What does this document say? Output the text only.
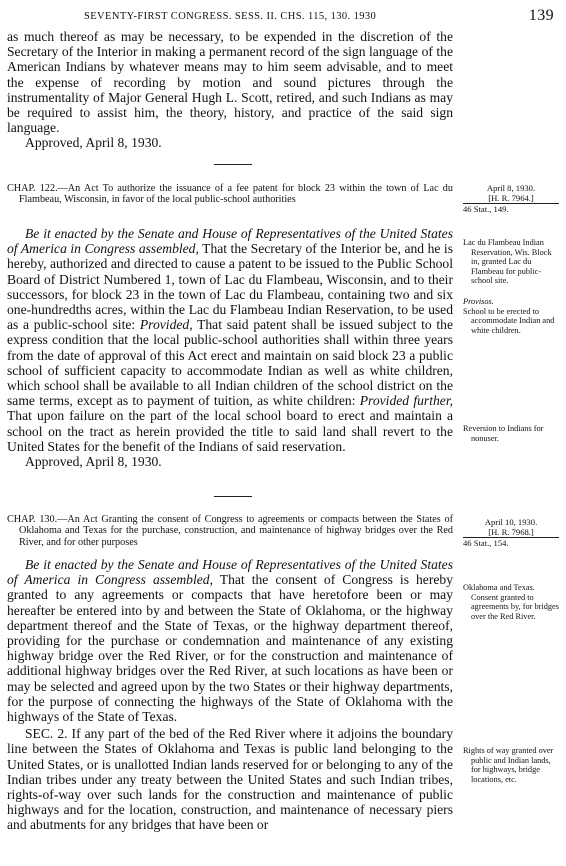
SEVENTY-FIRST CONGRESS. SESS. II. CHS. 115, 130. 1930	139

as much thereof as may be necessary, to be expended in the discretion of the Secretary of the Interior in making a permanent record of the sign language of the American Indians by whatever means may to him seem advisable, and to meet the expense of recording by motion and sound pictures through the instrumentality of Major General Hugh L. Scott, retired, and such Indians as may be required to assist him, the theory, history, and practice of the said sign language.

Approved, April 8, 1930.

CHAP. 122.—An Act To authorize the issuance of a fee patent for block 23 within the town of Lac du Flambeau, Wisconsin, in favor of the local public-school authorities

April 8, 1930.
[H. R. 7964.]
46 Stat., 149.

Be it enacted by the Senate and House of Representatives of the United States of America in Congress assembled, That the Secretary of the Interior be, and he is hereby, authorized and directed to cause a patent to be issued to the Public School Board of District Numbered 1, town of Lac du Flambeau, Wisconsin, and to their successors, for block 23 in the town of Lac du Flambeau, containing two and six one-hundredths acres, within the Lac du Flambeau Indian Reservation, to be used as a public-school site: Provided, That said patent shall be issued subject to the express condition that the local public-school authorities shall within three years from the date of approval of this Act erect and maintain on said block 23 a public school of sufficient capacity to accommodate Indian as well as white children, which school shall be available to all Indian children of the school district on the same terms, except as to payment of tuition, as white children: Provided further, That upon failure on the part of the local school board to erect and maintain a school on the tract as herein provided the title to said land shall revert to the United States for the benefit of the Indians of said reservation.

Approved, April 8, 1930.

Lac du Flambeau Indian Reservation, Wis. Block in, granted Lac du Flambeau for public-school site.

Provisos.

School to be erected to accommodate Indian and white children.

Reversion to Indians for nonuser.

CHAP. 130.—An Act Granting the consent of Congress to agreements or compacts between the States of Oklahoma and Texas for the purchase, construction, and maintenance of highway bridges over the Red River, and for other purposes

April 10, 1930.
[H. R. 7968.]
46 Stat., 154.

Be it enacted by the Senate and House of Representatives of the United States of America in Congress assembled, That the consent of Congress is hereby granted to any agreements or compacts that have heretofore been or may hereafter be entered into by and between the State of Oklahoma, or the highway department thereof and the State of Texas, or the highway department thereof, providing for the purchase or condemnation and maintenance of any existing highway bridge over the Red River, or for the construction and maintenance of additional highway bridges over the Red River, at such locations as have been or may be selected and agreed upon by the two States or their highway departments, for the purpose of connecting the highways of the State of Oklahoma with the highways of the State of Texas.

SEC. 2. If any part of the bed of the Red River where it adjoins the boundary line between the States of Oklahoma and Texas is public land belonging to the United States, or is unallotted Indian lands reserved for or belonging to any of the Indian tribes under any treaty between the United States and such Indian tribes, rights-of-way over such lands for the construction and maintenance of public highways and for the location, construction, and maintenance of necessary piers and abutments for any bridges that have been or

Oklahoma and Texas. Consent granted to agreements by, for bridges over the Red River.

Rights of way granted over public and Indian lands, for highways, bridge locations, etc.
